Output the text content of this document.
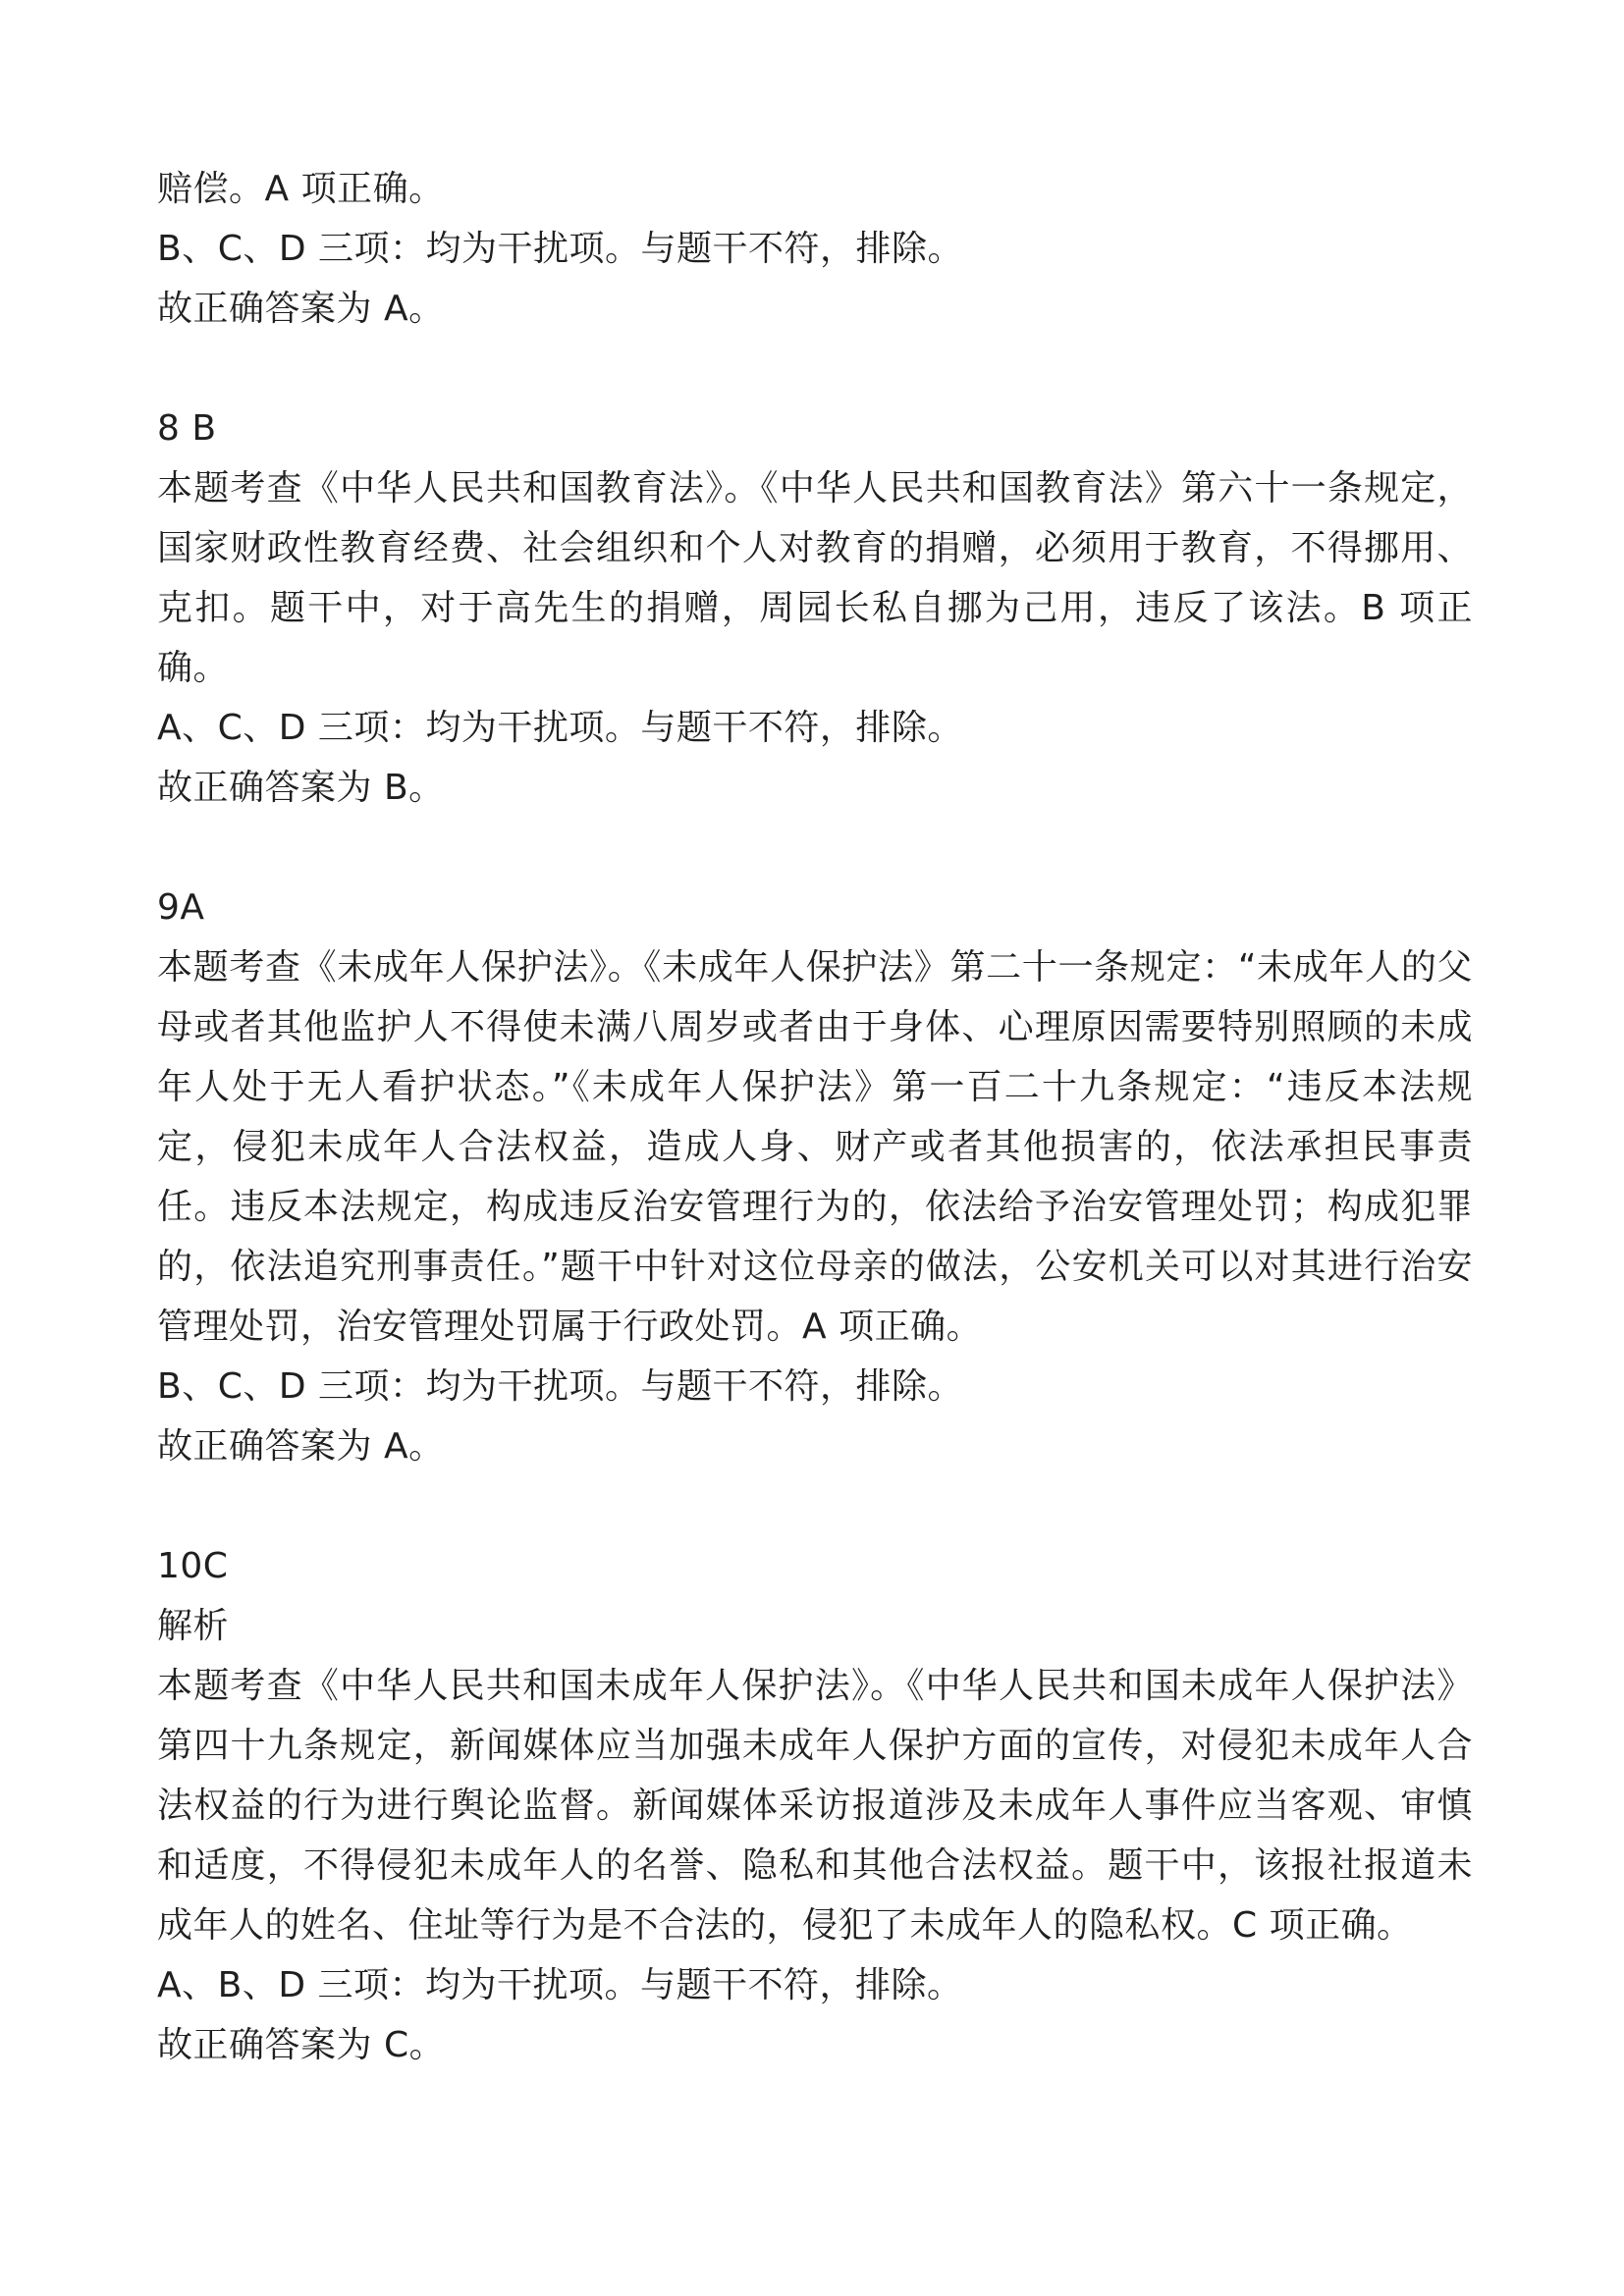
赔偿。A 项正确。
B、C、D 三项：均为干扰项。与题干不符，排除。
故正确答案为 A。
8 B

本题考查《中华人民共和国教育法》。《中华人民共和国教育法》第六十一条规定，国家财政性教育经费、社会组织和个人对教育的捐赠，必须用于教育，不得挪用、克扣。题干中，对于高先生的捐赠，周园长私自挪为己用，违反了该法。B 项正确。

A、C、D 三项：均为干扰项。与题干不符，排除。
故正确答案为 B。
9A

本题考查《未成年人保护法》。《未成年人保护法》第二十一条规定：“未成年人的父母或者其他监护人不得使未满八周岁或者由于身体、心理原因需要特别照顾的未成年人处于无人看护状态。”《未成年人保护法》第一百二十九条规定：“违反本法规定，侵犯未成年人合法权益，造成人身、财产或者其他损害的，依法承担民事责任。违反本法规定，构成违反治安管理行为的，依法给予治安管理处罚；构成犯罪的，依法追究刑事责任。”题干中针对这位母亲的做法，公安机关可以对其进行治安管理处罚，治安管理处罚属于行政处罚。A 项正确。

B、C、D 三项：均为干扰项。与题干不符，排除。
故正确答案为 A。
10C
解析

本题考查《中华人民共和国未成年人保护法》。《中华人民共和国未成年人保护法》第四十九条规定，新闻媒体应当加强未成年人保护方面的宣传，对侵犯未成年人合法权益的行为进行舆论监督。新闻媒体采访报道涉及未成年人事件应当客观、审慎和适度，不得侵犯未成年人的名誉、隐私和其他合法权益。题干中，该报社报道未成年人的姓名、住址等行为是不合法的，侵犯了未成年人的隐私权。C 项正确。

A、B、D 三项：均为干扰项。与题干不符，排除。
故正确答案为 C。
